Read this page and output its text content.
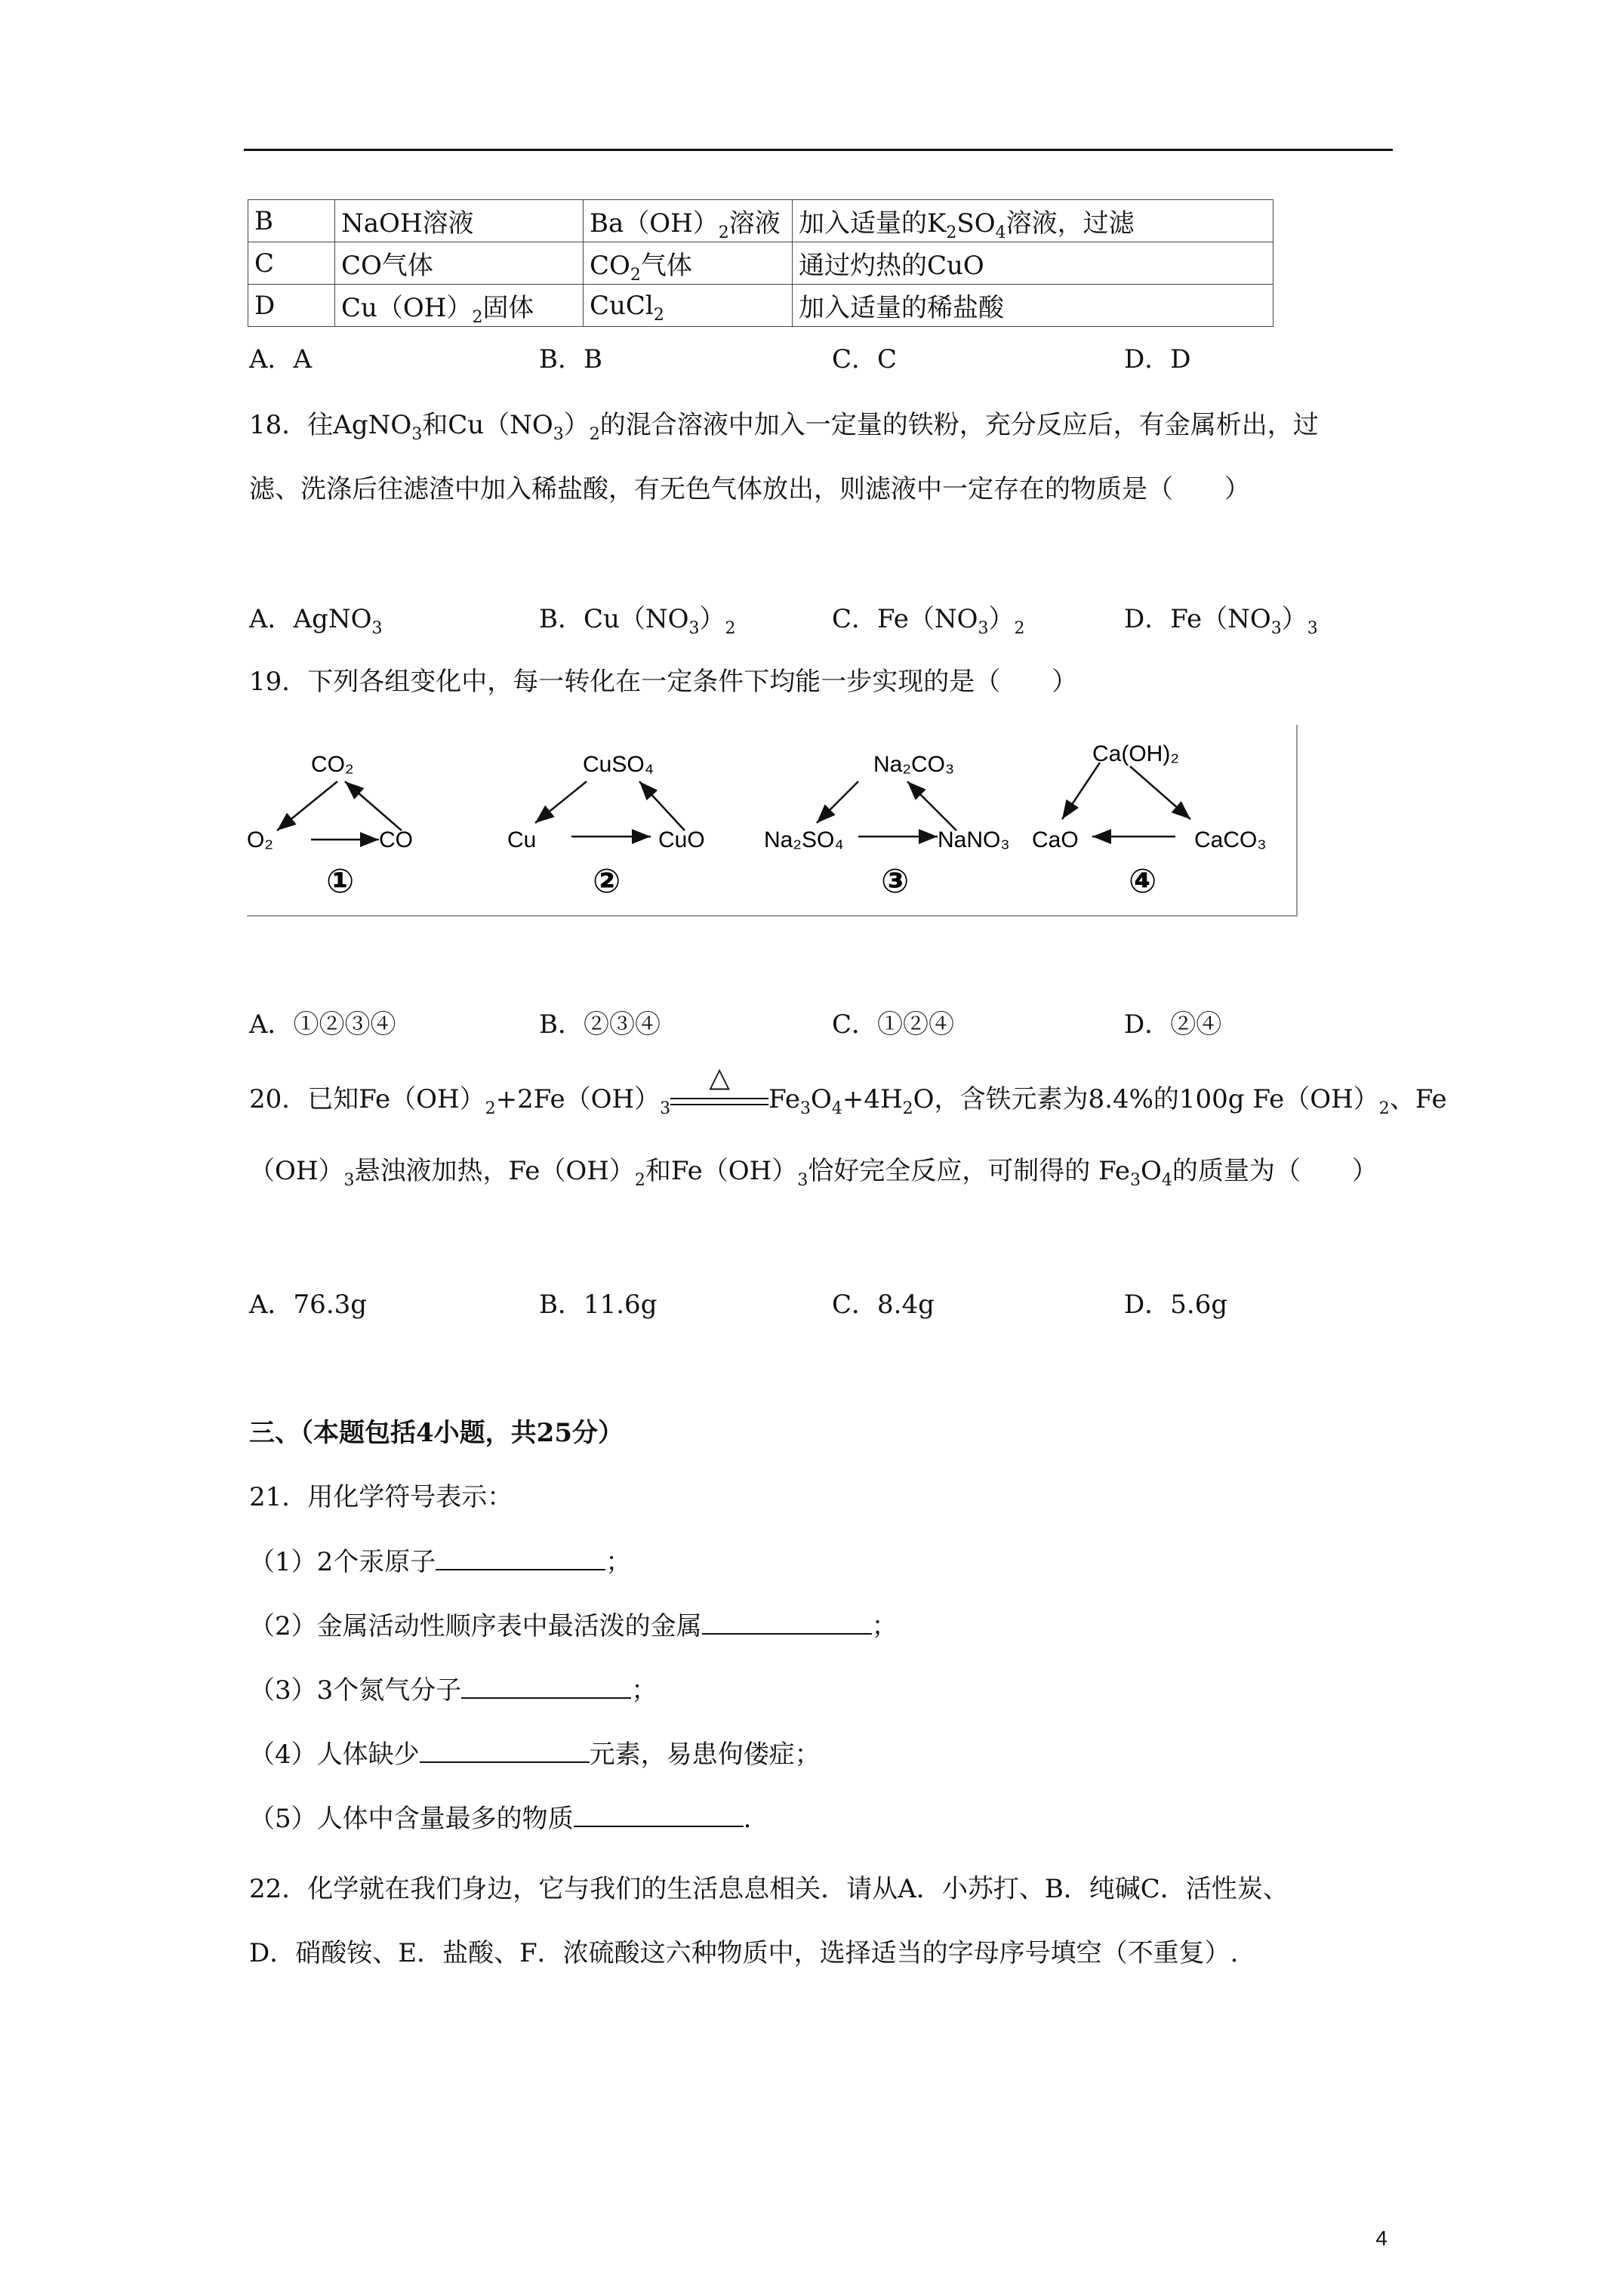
B	NaOH溶液	$Ba(OH)_2$溶液	加入适量的$K_2SO_4$溶液，过滤
C	CO气体	$CO_2$气体	通过灼热的CuO
D	$Cu(OH)_2$固体	CuCl$_2$	加入适量的稀盐酸
A．A	B．B	C．C	D．D
18．往AgNO$_3$和$Cu(NO_3)_2$的混合溶液中加入一定量的铁粉，充分反应后，有金属析出，过
滤、洗涤后往滤渣中加入稀盐酸，有无色气体放出，则滤液中一定存在的物质是（　　）
A．AgNO$_3$	B．$Cu(NO_3)_2$	C．$Fe(NO_3)_2$	D．$Fe(NO_3)_3$
19．下列各组变化中，每一转化在一定条件下均能一步实现的是（　　）
CO₂
O₂	CO
①
CuSO₄
Cu	CuO
②
Na₂CO₃
Na₂SO₄	NaNO₃
③
Ca(OH)₂
CaO	CaCO₃
④
A．①②③④	B．②③④	C．①②④	D．②④
20．已知$Fe(OH)_2+2Fe(OH)_3$
△
$Fe_3O_4+4H_2O$，含铁元素为8.4%的100g $Fe(OH)_2$、Fe
$(OH)_3$悬浊液加热，$Fe(OH)_2$和$Fe(OH)_3$恰好完全反应，可制得的 $Fe_3O_4$的质量为（　　）
A．76.3g	B．11.6g	C．8.4g	D．5.6g
三、（本题包括4小题，共25分）
21．用化学符号表示：
（1）2个汞原子	；
（2）金属活动性顺序表中最活泼的金属	；
（3）3个氮气分子	；
（4）人体缺少	元素，易患佝偻症；
（5）人体中含量最多的物质	.
22．化学就在我们身边，它与我们的生活息息相关．请从A．小苏打、B．纯碱C．活性炭、
D．硝酸铵、E．盐酸、F．浓硫酸这六种物质中，选择适当的字母序号填空（不重复）.
4
